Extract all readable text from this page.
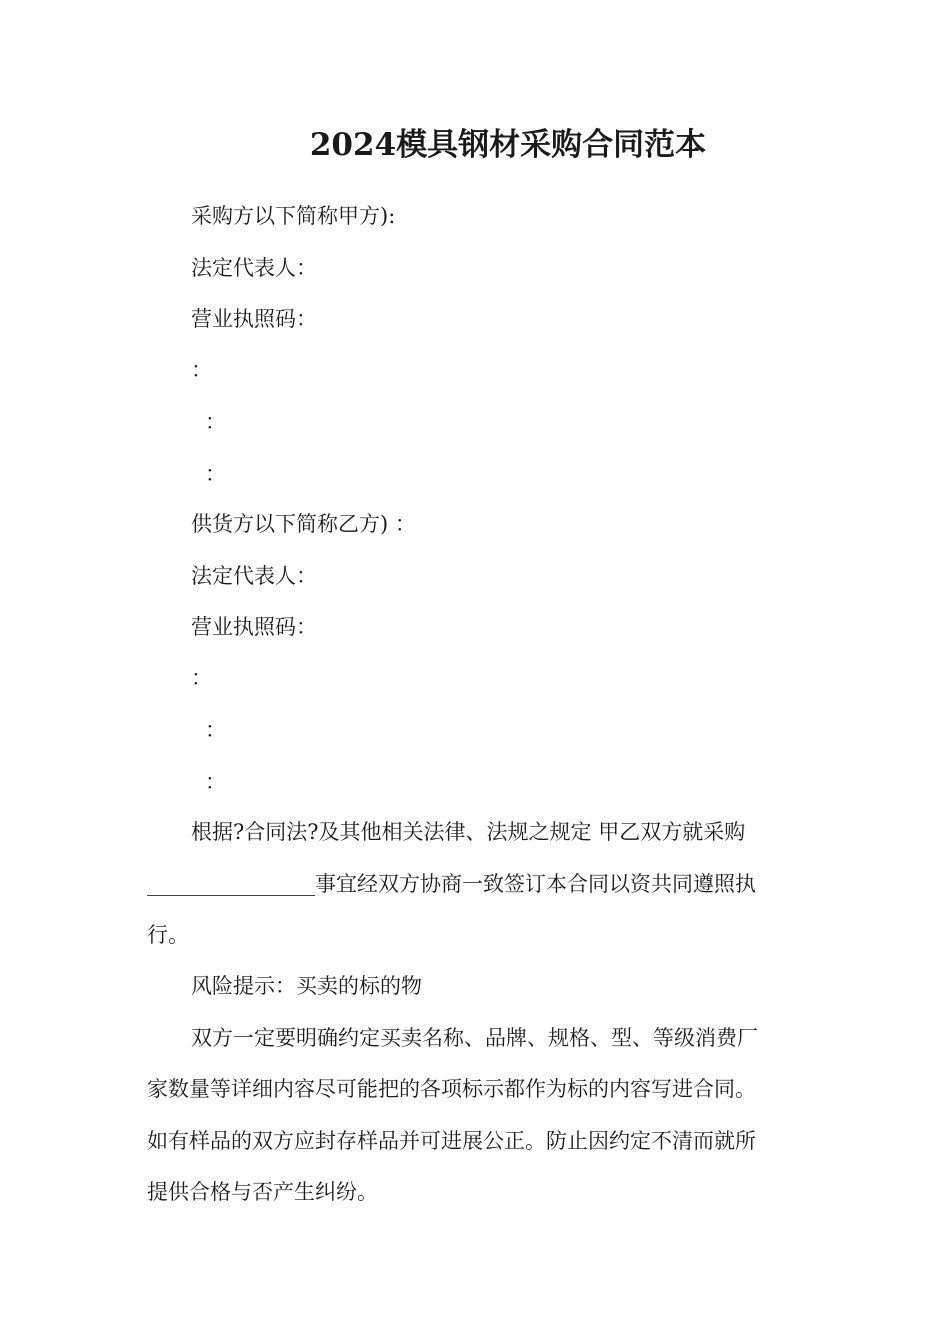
2024模具钢材采购合同范本
采购方以下简称甲方):
法定代表人：
营业执照码：
：
：
：
供货方以下简称乙方) ：
法定代表人：
营业执照码：
：
：
：
根据?合同法?及其他相关法律、法规之规定 甲乙双方就采购
________________事宜经双方协商一致签订本合同以资共同遵照执
行。
风险提示：买卖的标的物
双方一定要明确约定买卖名称、品牌、规格、型、等级消费厂
家数量等详细内容尽可能把的各项标示都作为标的内容写进合同。
如有样品的双方应封存样品并可进展公正。防止因约定不清而就所
提供合格与否产生纠纷。
